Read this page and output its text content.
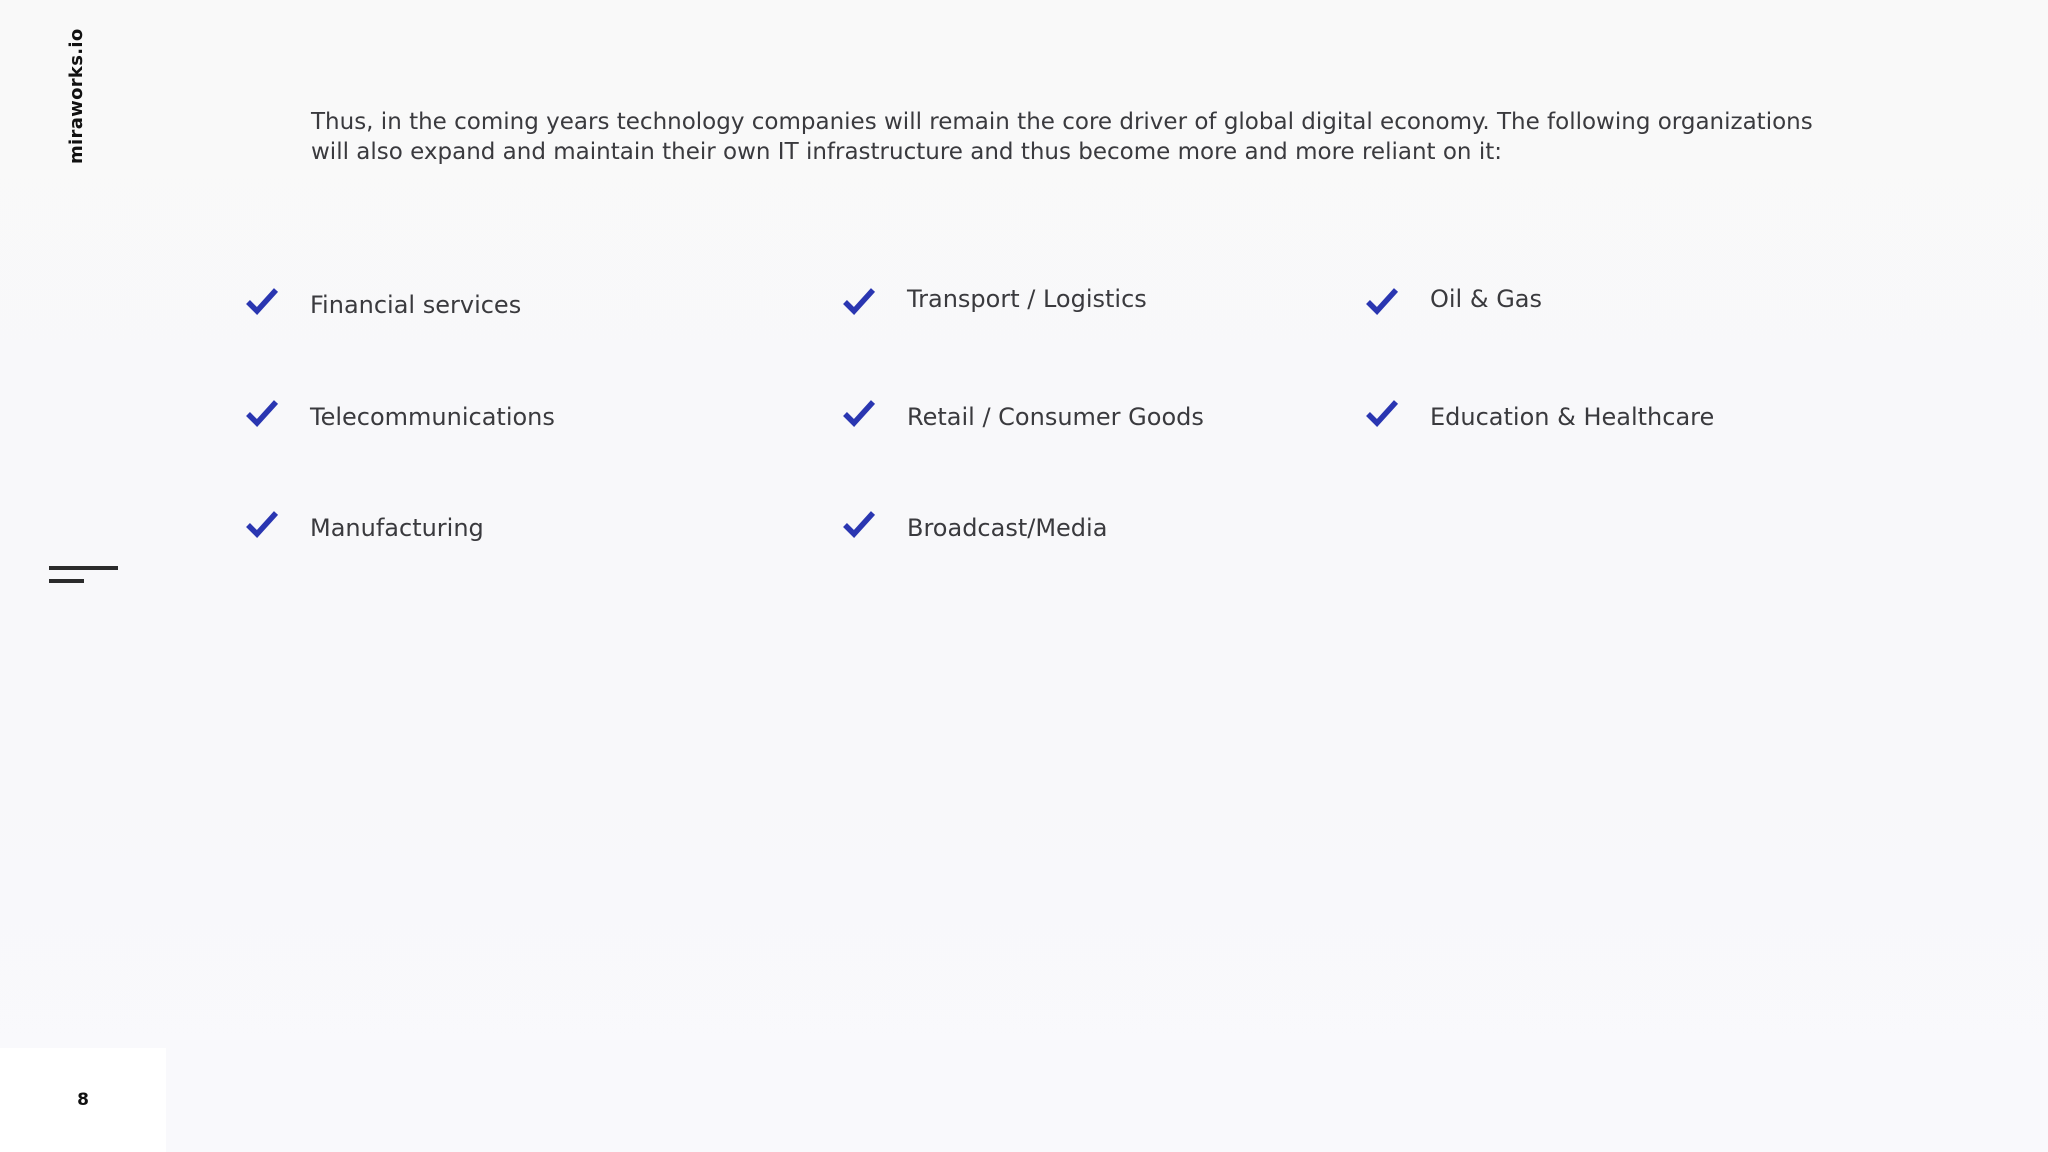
miraworks.io	Thus, in the coming years technology companies will remain the core driver of global digital economy. The following organizations will also expand and maintain their own IT infrastructure and thus become more and more reliant on it:
Financial services
Telecommunications
Manufacturing
Transport / Logistics
Retail / Consumer Goods
Broadcast/Media
Oil & Gas
Education & Healthcare
8
